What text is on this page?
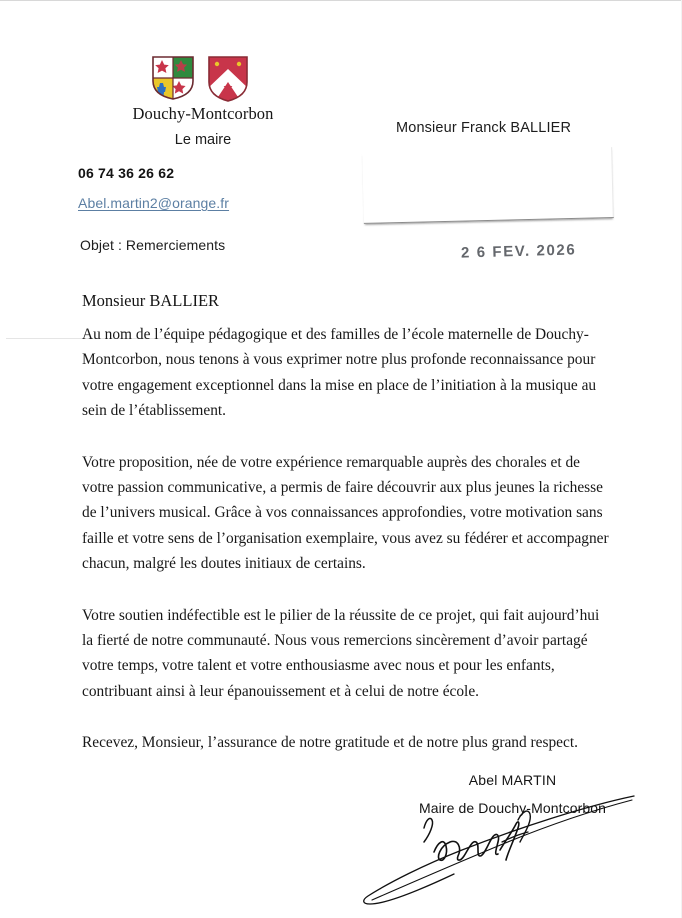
Douchy-Montcorbon
Le maire
06 74 36 26 62
Abel.martin2@orange.fr
Monsieur Franck BALLIER
Objet : Remerciements	2 6 FEV. 2026
Monsieur BALLIER

Au nom de l’équipe pédagogique et des familles de l’école maternelle de Douchy-Montcorbon, nous tenons à vous exprimer notre plus profonde reconnaissance pour votre engagement exceptionnel dans la mise en place de l’initiation à la musique au sein de l’établissement.

Votre proposition, née de votre expérience remarquable auprès des chorales et de votre passion communicative, a permis de faire découvrir aux plus jeunes la richesse de l’univers musical. Grâce à vos connaissances approfondies, votre motivation sans faille et votre sens de l’organisation exemplaire, vous avez su fédérer et accompagner chacun, malgré les doutes initiaux de certains.

Votre soutien indéfectible est le pilier de la réussite de ce projet, qui fait aujourd’hui la fierté de notre communauté. Nous vous remercions sincèrement d’avoir partagé votre temps, votre talent et votre enthousiasme avec nous et pour les enfants, contribuant ainsi à leur épanouissement et à celui de notre école.

Recevez, Monsieur, l’assurance de notre gratitude et de notre plus grand respect.

Abel MARTIN
Maire de Douchy-Montcorbon
